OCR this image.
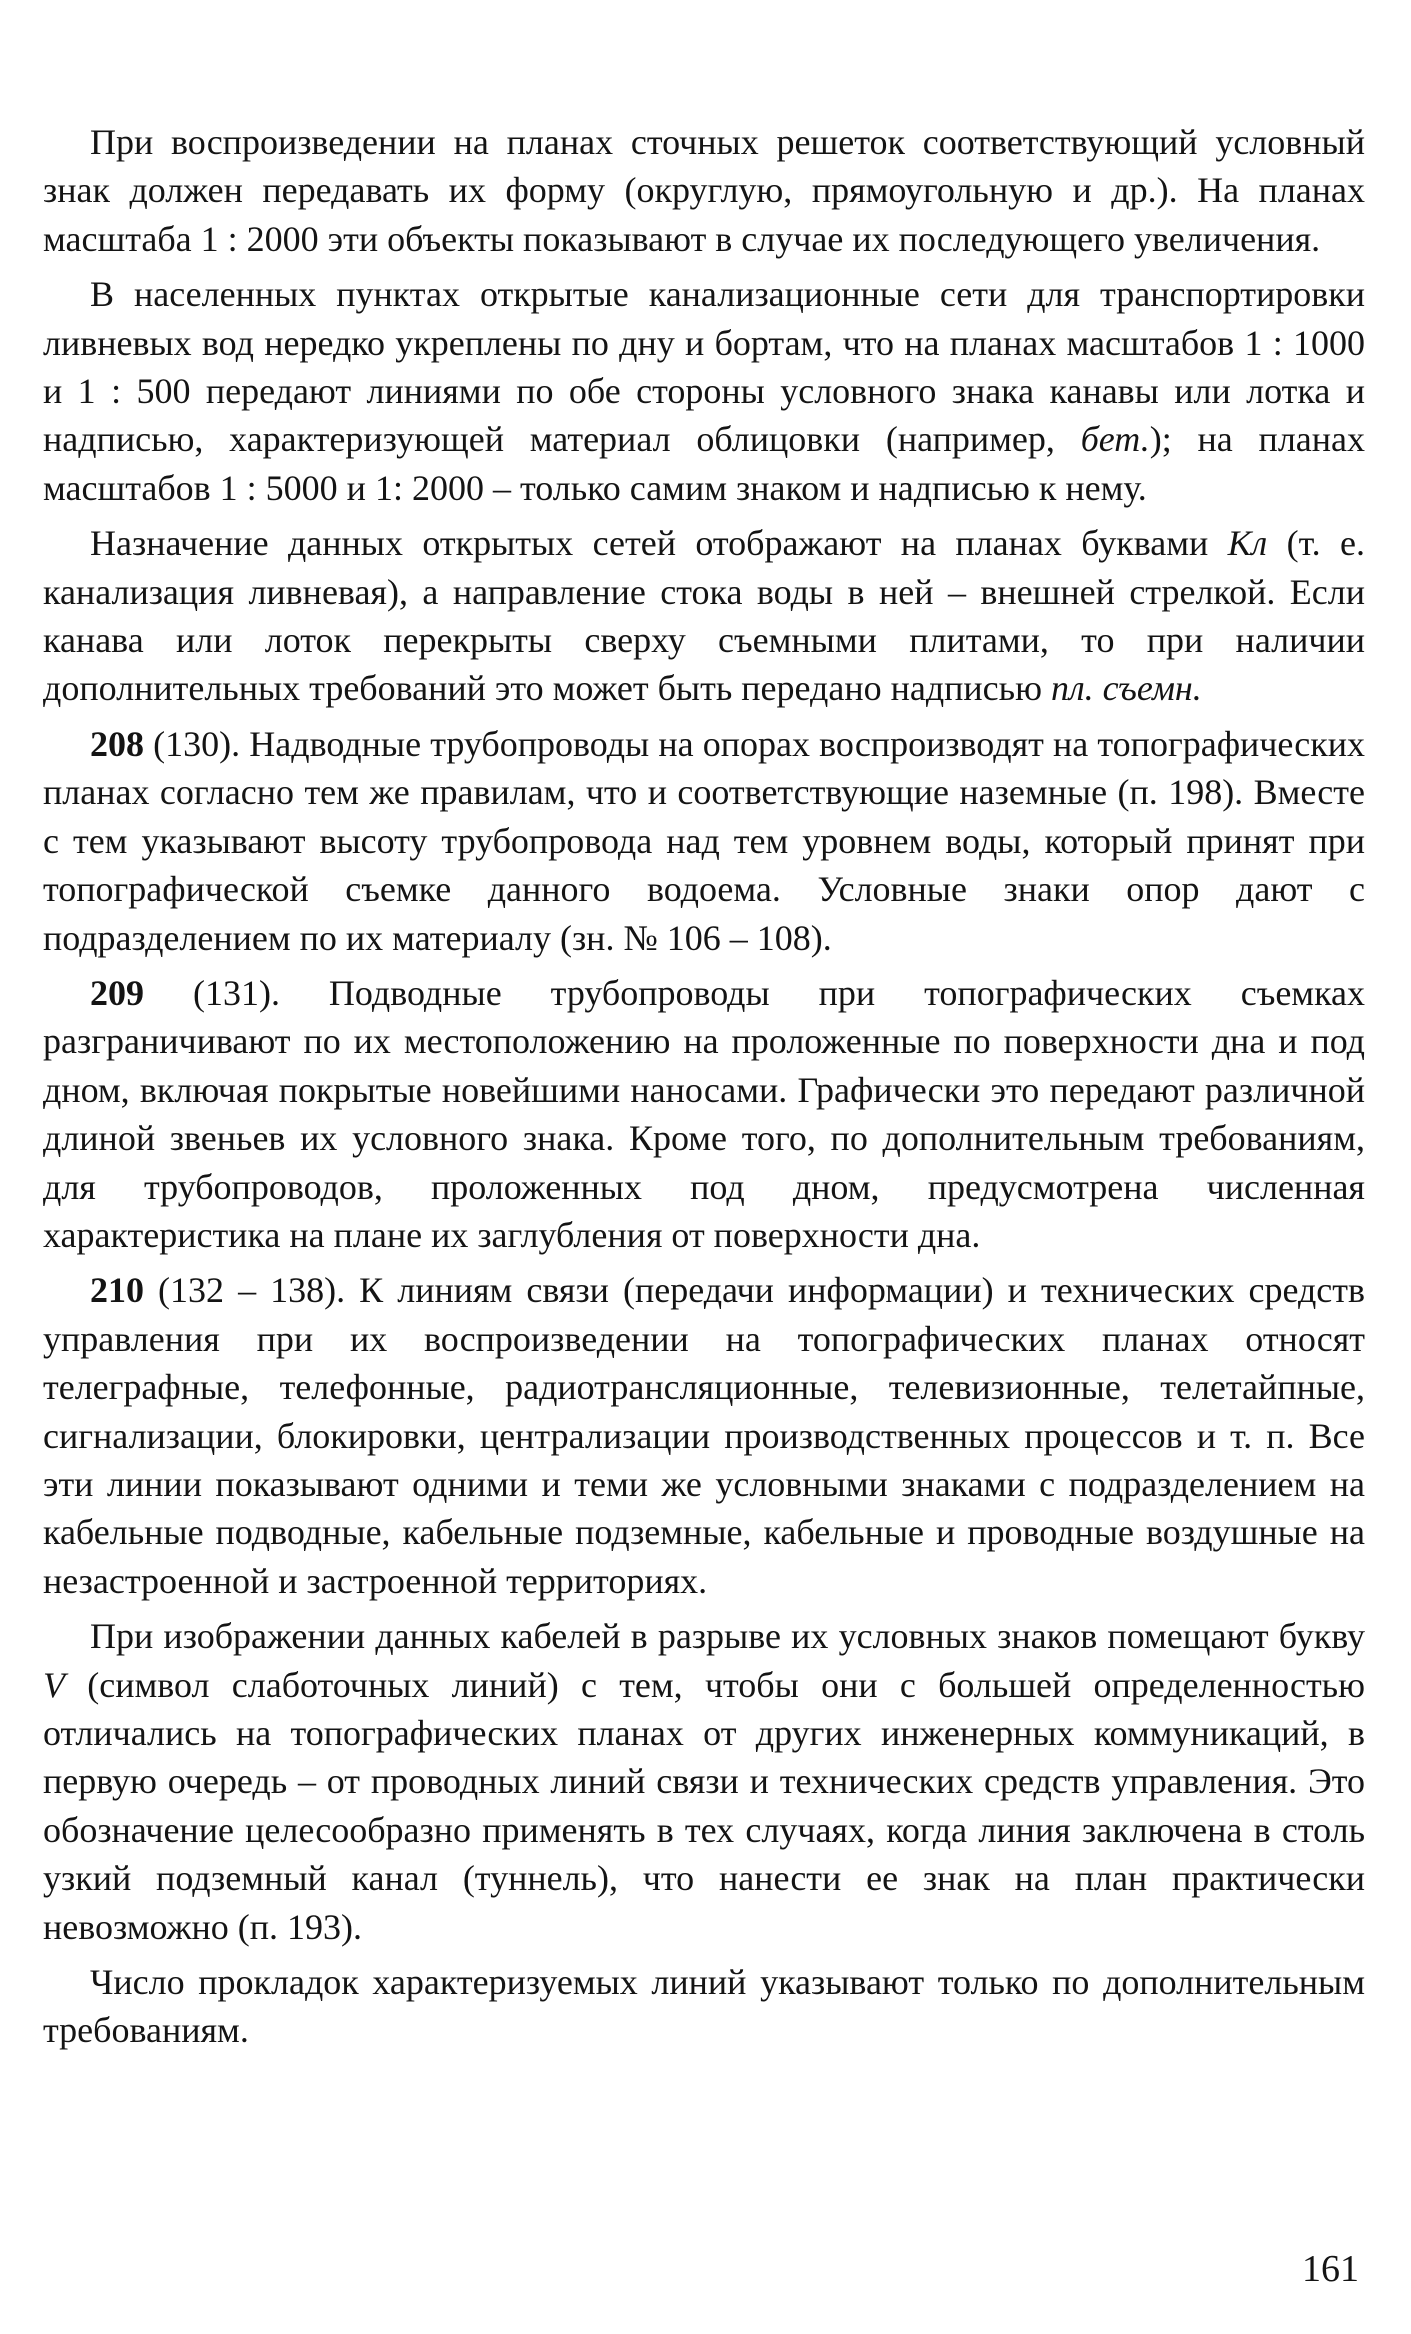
При воспроизведении на планах сточных решеток соответствующий условный знак должен передавать их форму (округлую, прямоугольную и др.). На планах масштаба 1 : 2000 эти объекты показывают в случае их последующего увеличения.

В населенных пунктах открытые канализационные сети для транспортировки ливневых вод нередко укреплены по дну и бортам, что на планах масштабов 1 : 1000 и 1 : 500 передают линиями по обе стороны условного знака канавы или лотка и надписью, характеризующей материал облицовки (например, бет.); на планах масштабов 1 : 5000 и 1: 2000 – только самим знаком и надписью к нему.

Назначение данных открытых сетей отображают на планах буквами Кл (т. е. канализация ливневая), а направление стока воды в ней – внешней стрелкой. Если канава или лоток перекрыты сверху съемными плитами, то при наличии дополнительных требований это может быть передано надписью пл. съемн.

208 (130). Надводные трубопроводы на опорах воспроизводят на топографических планах согласно тем же правилам, что и соответствующие наземные (п. 198). Вместе с тем указывают высоту трубопровода над тем уровнем воды, который принят при топографической съемке данного водоема. Условные знаки опор дают с подразделением по их материалу (зн. № 106 – 108).

209 (131). Подводные трубопроводы при топографических съемках разграничивают по их местоположению на проложенные по поверхности дна и под дном, включая покрытые новейшими наносами. Графически это передают различной длиной звеньев их условного знака. Кроме того, по дополнительным требованиям, для трубопроводов, проложенных под дном, предусмотрена численная характеристика на плане их заглубления от поверхности дна.

210 (132 – 138). К линиям связи (передачи информации) и технических средств управления при их воспроизведении на топографических планах относят телеграфные, телефонные, радиотрансляционные, телевизионные, телетайпные, сигнализации, блокировки, централизации производственных процессов и т. п. Все эти линии показывают одними и теми же условными знаками с подразделением на кабельные подводные, кабельные подземные, кабельные и проводные воздушные на незастроенной и застроенной территориях.

При изображении данных кабелей в разрыве их условных знаков помещают букву V (символ слаботочных линий) с тем, чтобы они с большей определенностью отличались на топографических планах от других инженерных коммуникаций, в первую очередь – от проводных линий связи и технических средств управления. Это обозначение целесообразно применять в тех случаях, когда линия заключена в столь узкий подземный канал (туннель), что нанести ее знак на план практически невозможно (п. 193).

Число прокладок характеризуемых линий указывают только по дополнительным требованиям.

161
